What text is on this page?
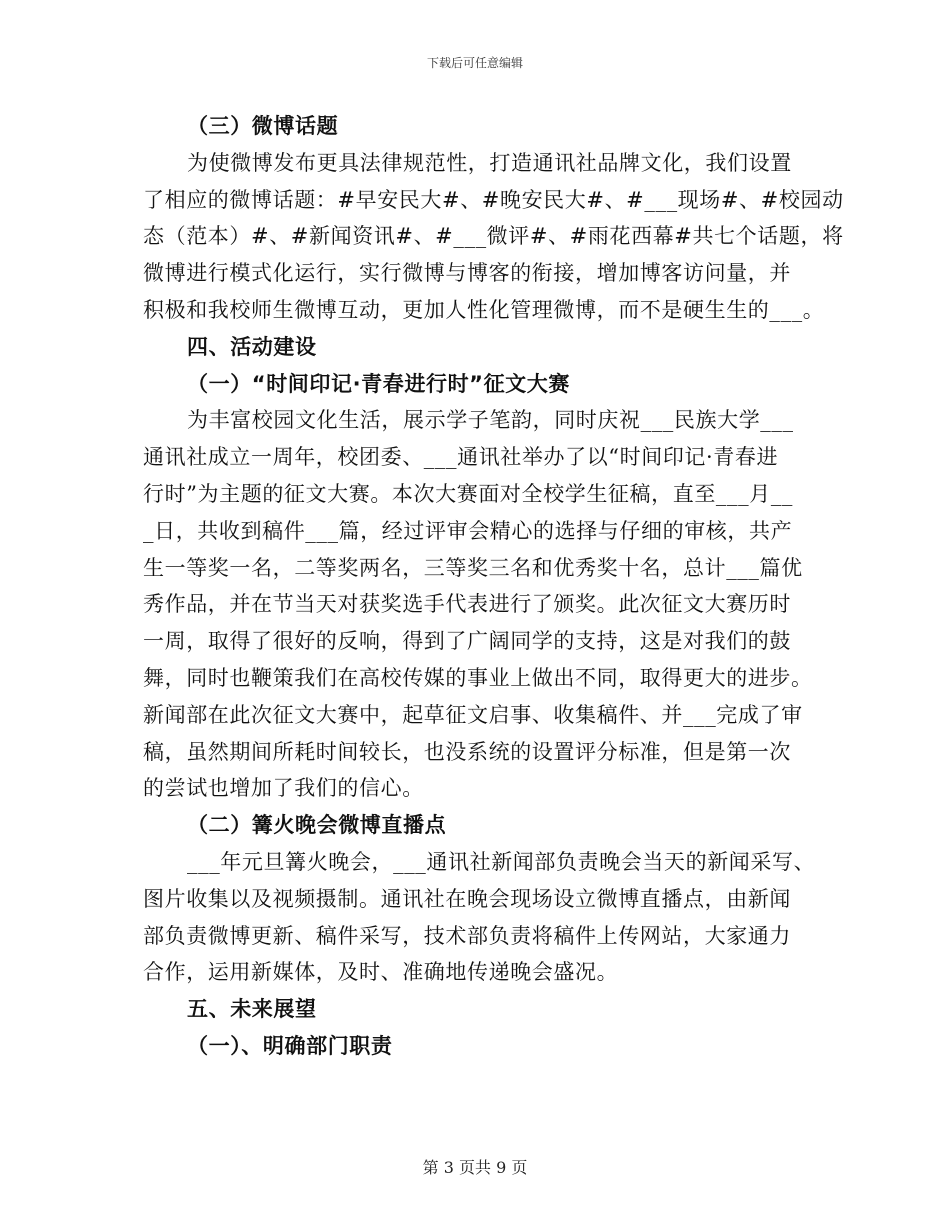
下载后可任意编辑
（三）微博话题
为使微博发布更具法律规范性，打造通讯社品牌文化，我们设置
了相应的微博话题：#早安民大#、#晚安民大#、#___现场#、#校园动
态（范本）#、#新闻资讯#、#___微评#、#雨花西幕#共七个话题，将
微博进行模式化运行，实行微博与博客的衔接，增加博客访问量，并
积极和我校师生微博互动，更加人性化管理微博，而不是硬生生的___。
四、活动建设
（一）“时间印记·青春进行时”征文大赛
为丰富校园文化生活，展示学子笔韵，同时庆祝___民族大学___
通讯社成立一周年，校团委、___通讯社举办了以“时间印记·青春进
行时”为主题的征文大赛。本次大赛面对全校学生征稿，直至___月__
_日，共收到稿件___篇，经过评审会精心的选择与仔细的审核，共产
生一等奖一名，二等奖两名，三等奖三名和优秀奖十名，总计___篇优
秀作品，并在节当天对获奖选手代表进行了颁奖。此次征文大赛历时
一周，取得了很好的反响，得到了广阔同学的支持，这是对我们的鼓
舞，同时也鞭策我们在高校传媒的事业上做出不同，取得更大的进步。
新闻部在此次征文大赛中，起草征文启事、收集稿件、并___完成了审
稿，虽然期间所耗时间较长，也没系统的设置评分标准，但是第一次
的尝试也增加了我们的信心。
（二）篝火晚会微博直播点
___年元旦篝火晚会，___通讯社新闻部负责晚会当天的新闻采写、
图片收集以及视频摄制。通讯社在晚会现场设立微博直播点，由新闻
部负责微博更新、稿件采写，技术部负责将稿件上传网站，大家通力
合作，运用新媒体，及时、准确地传递晚会盛况。
五、未来展望
（一）、明确部门职责
第 3 页共 9 页
